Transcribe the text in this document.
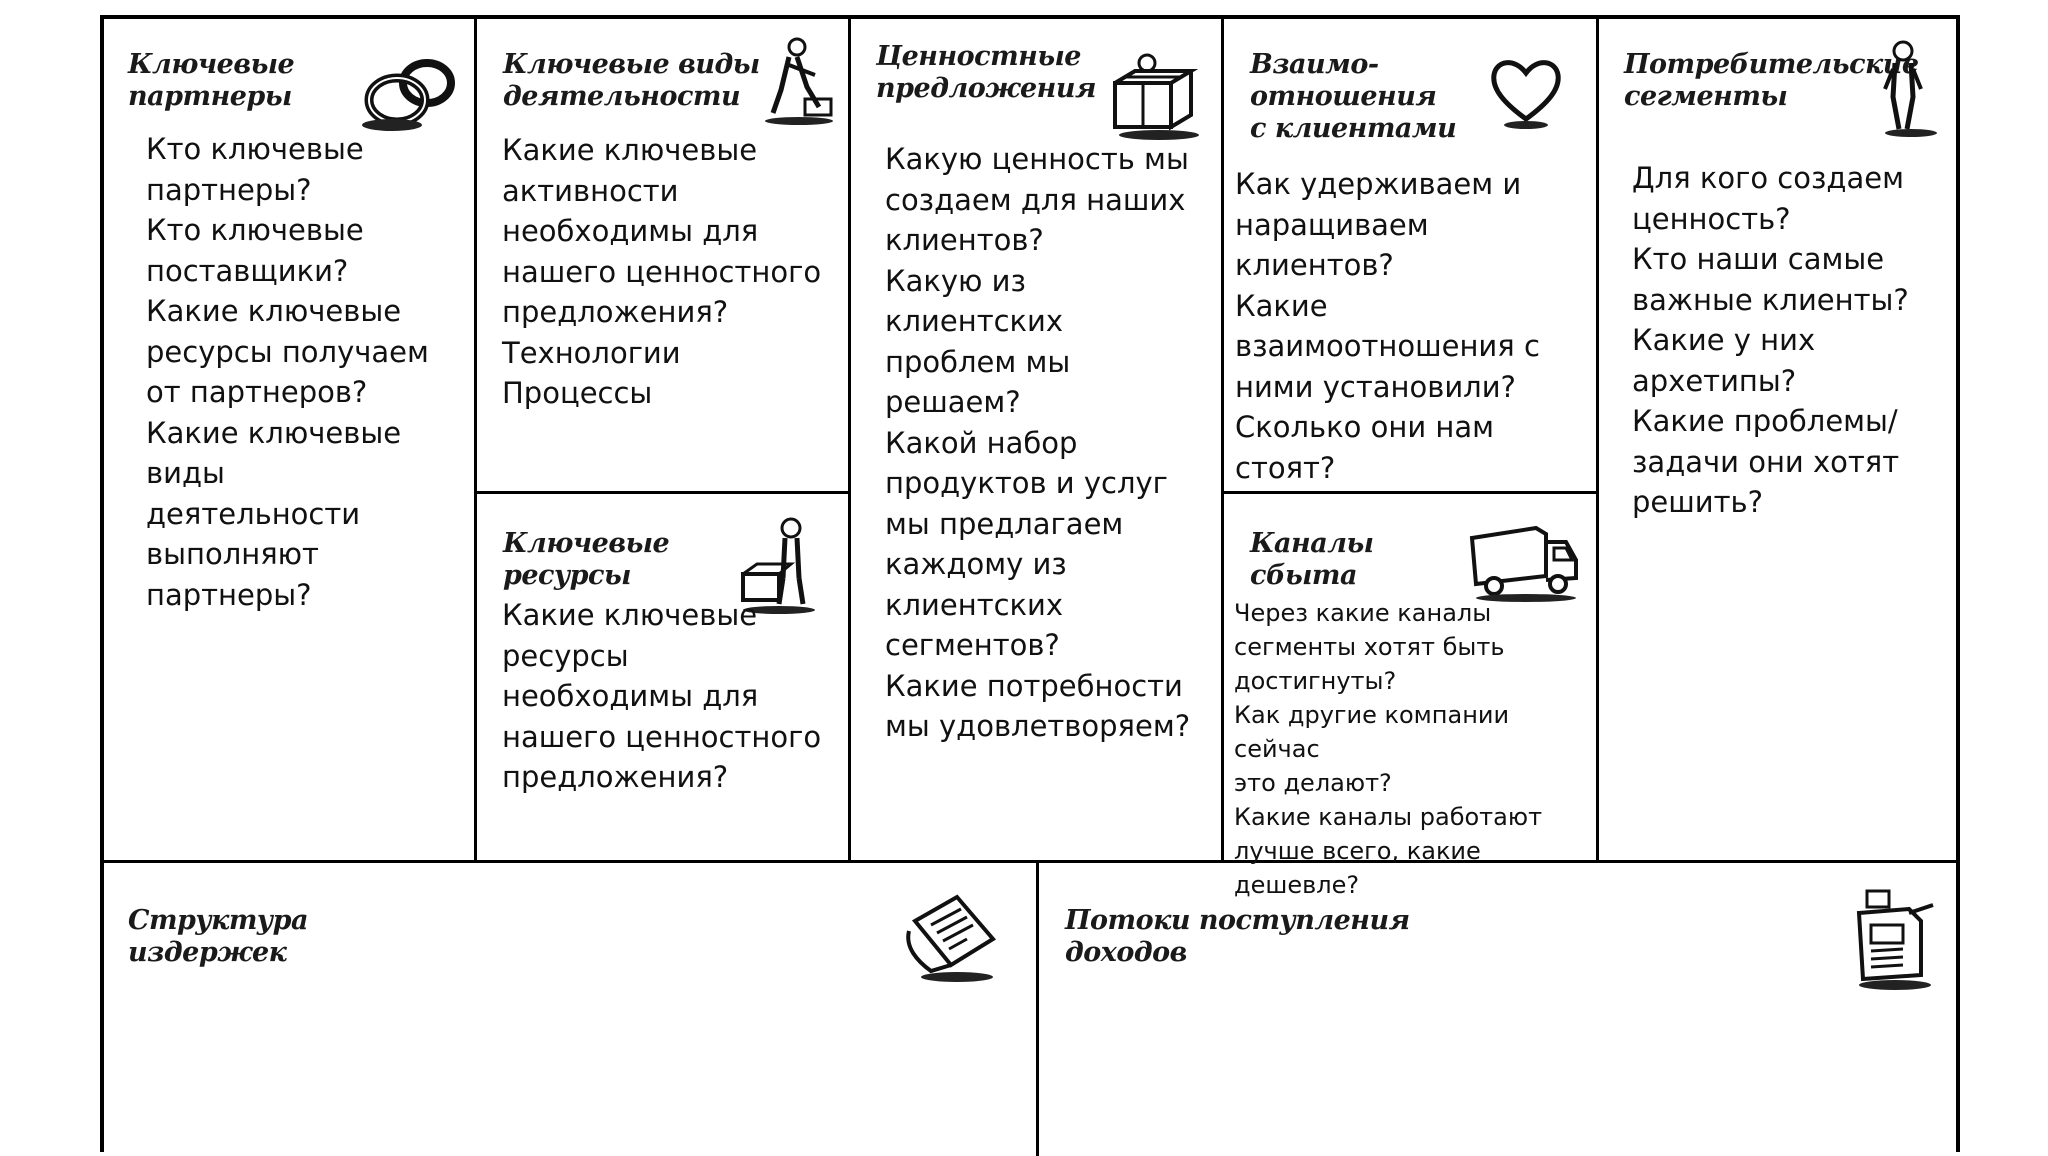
Ключевые
партнеры
Кто ключевые
партнеры?
Кто ключевые
поставщики?
Какие ключевые
ресурсы получаем
от партнеров?
Какие ключевые
виды
деятельности
выполняют
партнеры?
Ключевые виды
деятельности
Какие ключевые
активности
необходимы для
нашего ценностного
предложения?
Технологии
Процессы
Ключевые
ресурсы
Какие ключевые
ресурсы
необходимы для
нашего ценностного
предложения?
Ценностные
предложения
Какую ценность мы
создаем для наших
клиентов?
Какую из
клиентских
проблем мы
решаем?
Какой набор
продуктов и услуг
мы предлагаем
каждому из
клиентских
сегментов?
Какие потребности
мы удовлетворяем?
Взаимо-
отношения
с клиентами
Как удерживаем и
наращиваем клиентов?
Какие
взаимоотношения с
ними установили?
Сколько они нам стоят?
Каналы
сбыта
Через какие каналы
сегменты хотят быть
достигнуты?
Как другие компании сейчас
это делают?
Какие каналы работают
лучше всего, какие дешевле?
Потребительские
сегменты
Для кого создаем
ценность?
Кто наши самые
важные клиенты?
Какие у них
архетипы?
Какие проблемы/
задачи они хотят
решить?
Структура
издержек
Потоки поступления
доходов
